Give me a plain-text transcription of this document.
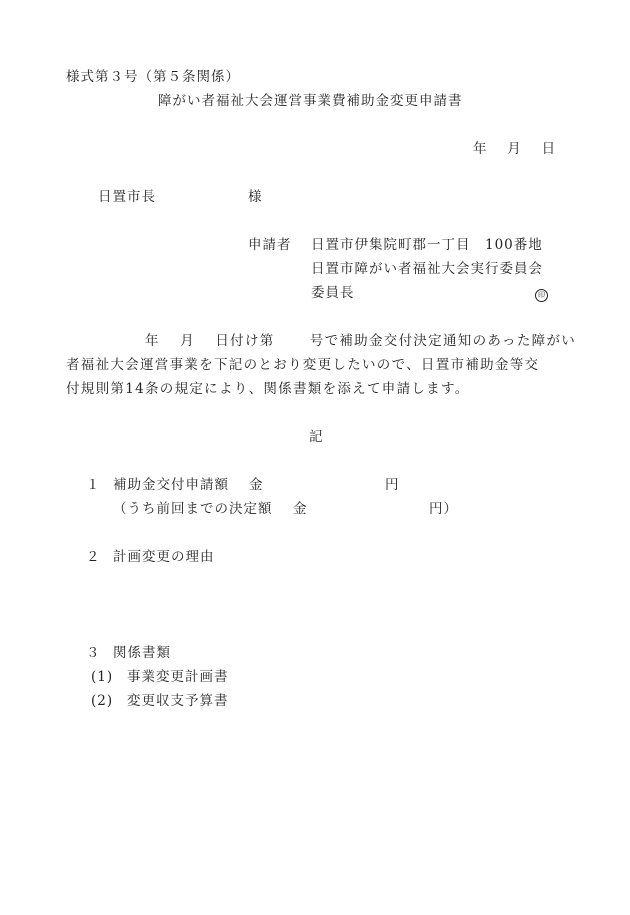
様式第３号（第５条関係）
障がい者福祉大会運営事業費補助金変更申請書
年　 月　 日
日置市長	様
申請者 日置市伊集院町郡一丁目　100番地
日置市障がい者福祉大会実行委員会
委員長	印
年　 月　 日付け第　　 号で補助金交付決定通知のあった障がい
者福祉大会運営事業を下記のとおり変更したいので、日置市補助金等交
付規則第14条の規定により、関係書類を添えて申請します。
記
１ 補助金交付申請額 金	円
（うち前回までの決定額 金	円）
２ 計画変更の理由
３ 関係書類
(1) 事業変更計画書
(2) 変更収支予算書
